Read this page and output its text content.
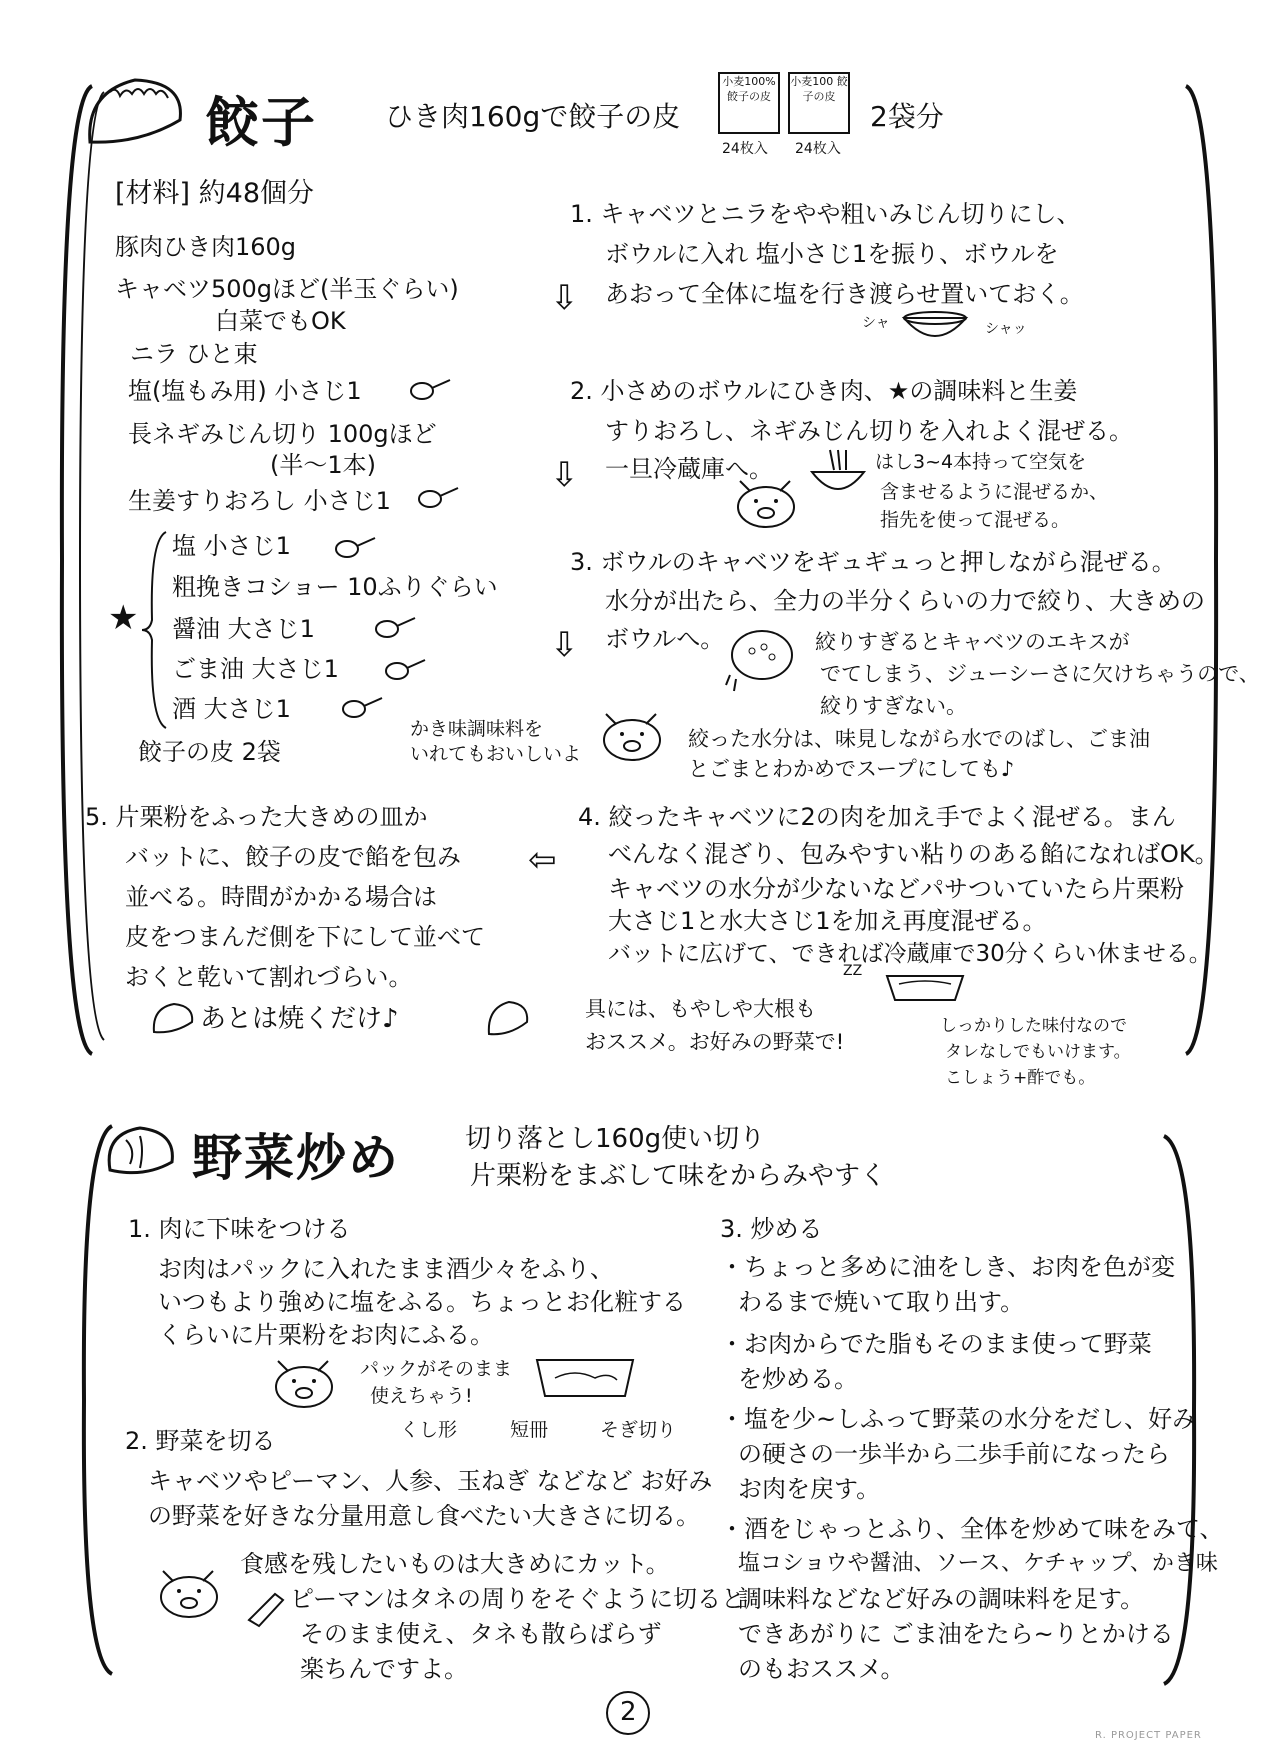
餃子 ひき肉160gで餃子の皮
小麦100% 餃子の皮
小麦100 餃子の皮
24枚入 24枚入
2袋分
[材料] 約48個分
豚肉ひき肉160g
キャベツ500gほど(半玉ぐらい)
白菜でもOK
ニラ ひと束
塩(塩もみ用) 小さじ1
長ネギみじん切り 100gほど
(半～1本)
生姜すりおろし 小さじ1
★
塩 小さじ1
粗挽きコショー 10ふりぐらい
醤油 大さじ1
ごま油 大さじ1
酒 大さじ1
餃子の皮 2袋
かき味調味料を
いれてもおいしいよ
1. キャベツとニラをやや粗いみじん切りにし、
ボウルに入れ 塩小さじ1を振り、ボウルを
あおって全体に塩を行き渡らせ置いておく。
⇩
シャ	シャッ
2. 小さめのボウルにひき肉、★の調味料と生姜
すりおろし、ネギみじん切りを入れよく混ぜる。
一旦冷蔵庫へ。
⇩	はし3~4本持って空気を
含ませるように混ぜるか、
指先を使って混ぜる。
3. ボウルのキャベツをギュギュっと押しながら混ぜる。
水分が出たら、全力の半分くらいの力で絞り、大きめの
ボウルへ。
⇩	絞りすぎるとキャベツのエキスが
でてしまう、ジューシーさに欠けちゃうので、
絞りすぎない。
絞った水分は、味見しながら水でのばし、ごま油
とごまとわかめでスープにしても♪
4. 絞ったキャベツに2の肉を加え手でよく混ぜる。まん
べんなく混ざり、包みやすい粘りのある餡になればOK。
キャベツの水分が少ないなどパサついていたら片栗粉
大さじ1と水大さじ1を加え再度混ぜる。
バットに広げて、できれば冷蔵庫で30分くらい休ませる。
ZZ
⇦
5. 片栗粉をふった大きめの皿か
バットに、餃子の皮で餡を包み
並べる。時間がかかる場合は
皮をつまんだ側を下にして並べて
おくと乾いて割れづらい。
あとは焼くだけ♪	具には、もやしや大根も
おススメ。お好みの野菜で!
しっかりした味付なので
タレなしでもいけます。
こしょう+酢でも。
野菜炒め	切り落とし160g使い切り
片栗粉をまぶして味をからみやすく
1. 肉に下味をつける
お肉はパックに入れたまま酒少々をふり、
いつもより強めに塩をふる。ちょっとお化粧する
くらいに片栗粉をお肉にふる。
パックがそのまま
使えちゃう!
2. 野菜を切る	くし形	短冊	そぎ切り
キャベツやピーマン、人参、玉ねぎ などなど お好み
の野菜を好きな分量用意し食べたい大きさに切る。
食感を残したいものは大きめにカット。
ピーマンはタネの周りをそぐように切ると
そのまま使え、タネも散らばらず
楽ちんですよ。
3. 炒める
・ちょっと多めに油をしき、お肉を色が変
わるまで焼いて取り出す。
・お肉からでた脂もそのまま使って野菜
を炒める。
・塩を少~しふって野菜の水分をだし、好み
の硬さの一歩半から二歩手前になったら
お肉を戻す。
・酒をじゃっとふり、全体を炒めて味をみて、
塩コショウや醤油、ソース、ケチャップ、かき味
調味料などなど好みの調味料を足す。
できあがりに ごま油をたら~りとかける
のもおススメ。
2
R. PROJECT PAPER
